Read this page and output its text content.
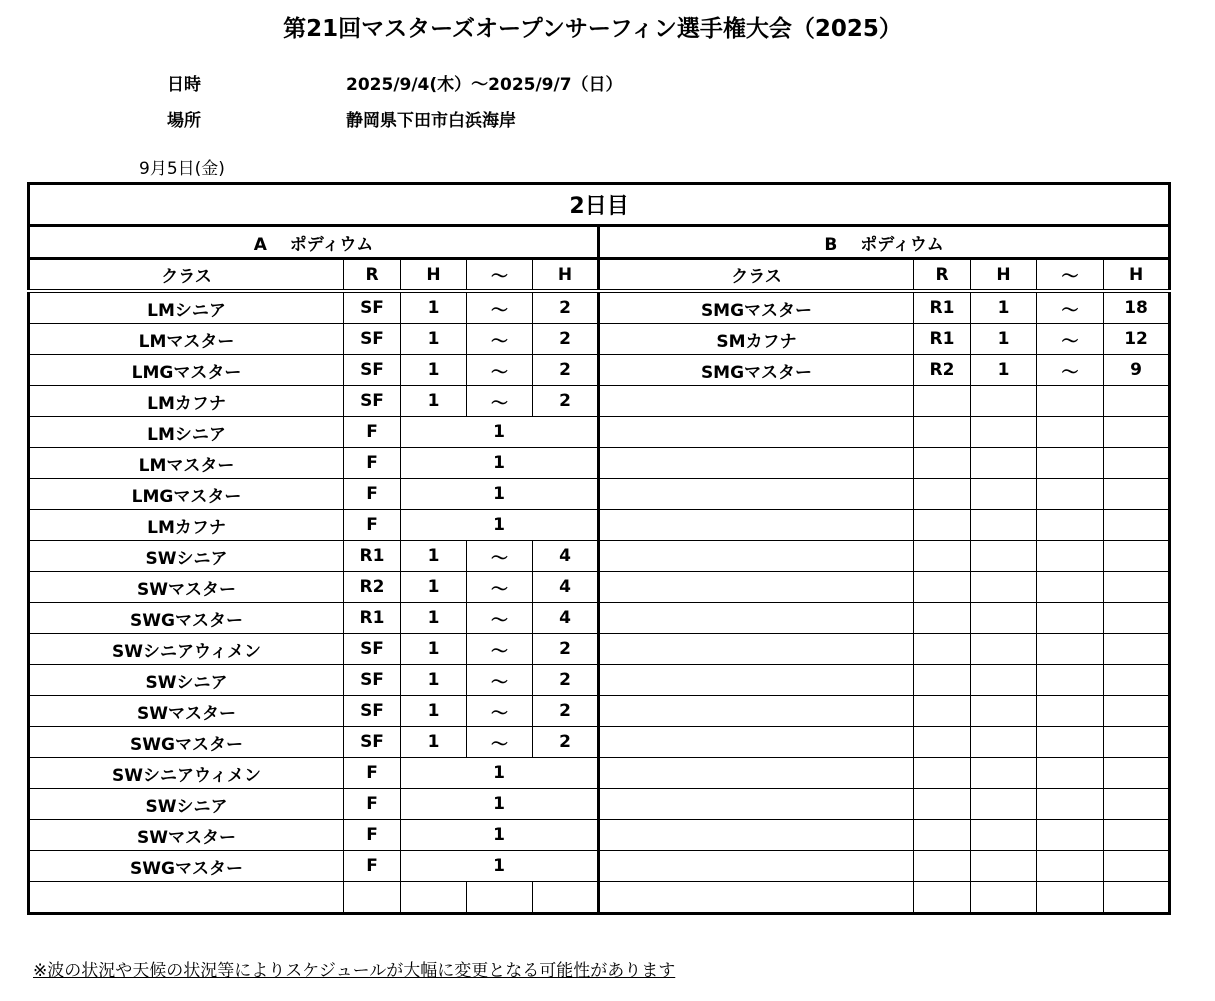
第21回マスターズオープンサーフィン選手権大会（2025）
日時	2025/9/4(木）～2025/9/7（日）
場所	静岡県下田市白浜海岸
9月5日(金)
2日目									
A　 ポディウム					B　 ポディウム				
クラス	R	H	～	H	クラス	R	H	～	H
LMシニア	SF	1	～	2	SMGマスター	R1	1	～	18
LMマスター	SF	1	～	2	SMカフナ	R1	1	～	12
LMGマスター	SF	1	～	2	SMGマスター	R2	1	～	9
LMカフナ	SF	1	～	2					
LMシニア	F	1							
LMマスター	F	1							
LMGマスター	F	1							
LMカフナ	F	1							
SWシニア	R1	1	～	4					
SWマスター	R2	1	～	4					
SWGマスター	R1	1	～	4					
SWシニアウィメン	SF	1	～	2					
SWシニア	SF	1	～	2					
SWマスター	SF	1	～	2					
SWGマスター	SF	1	～	2					
SWシニアウィメン	F	1							
SWシニア	F	1							
SWマスター	F	1							
SWGマスター	F	1							

※波の状況や天候の状況等によりスケジュールが大幅に変更となる可能性があります
